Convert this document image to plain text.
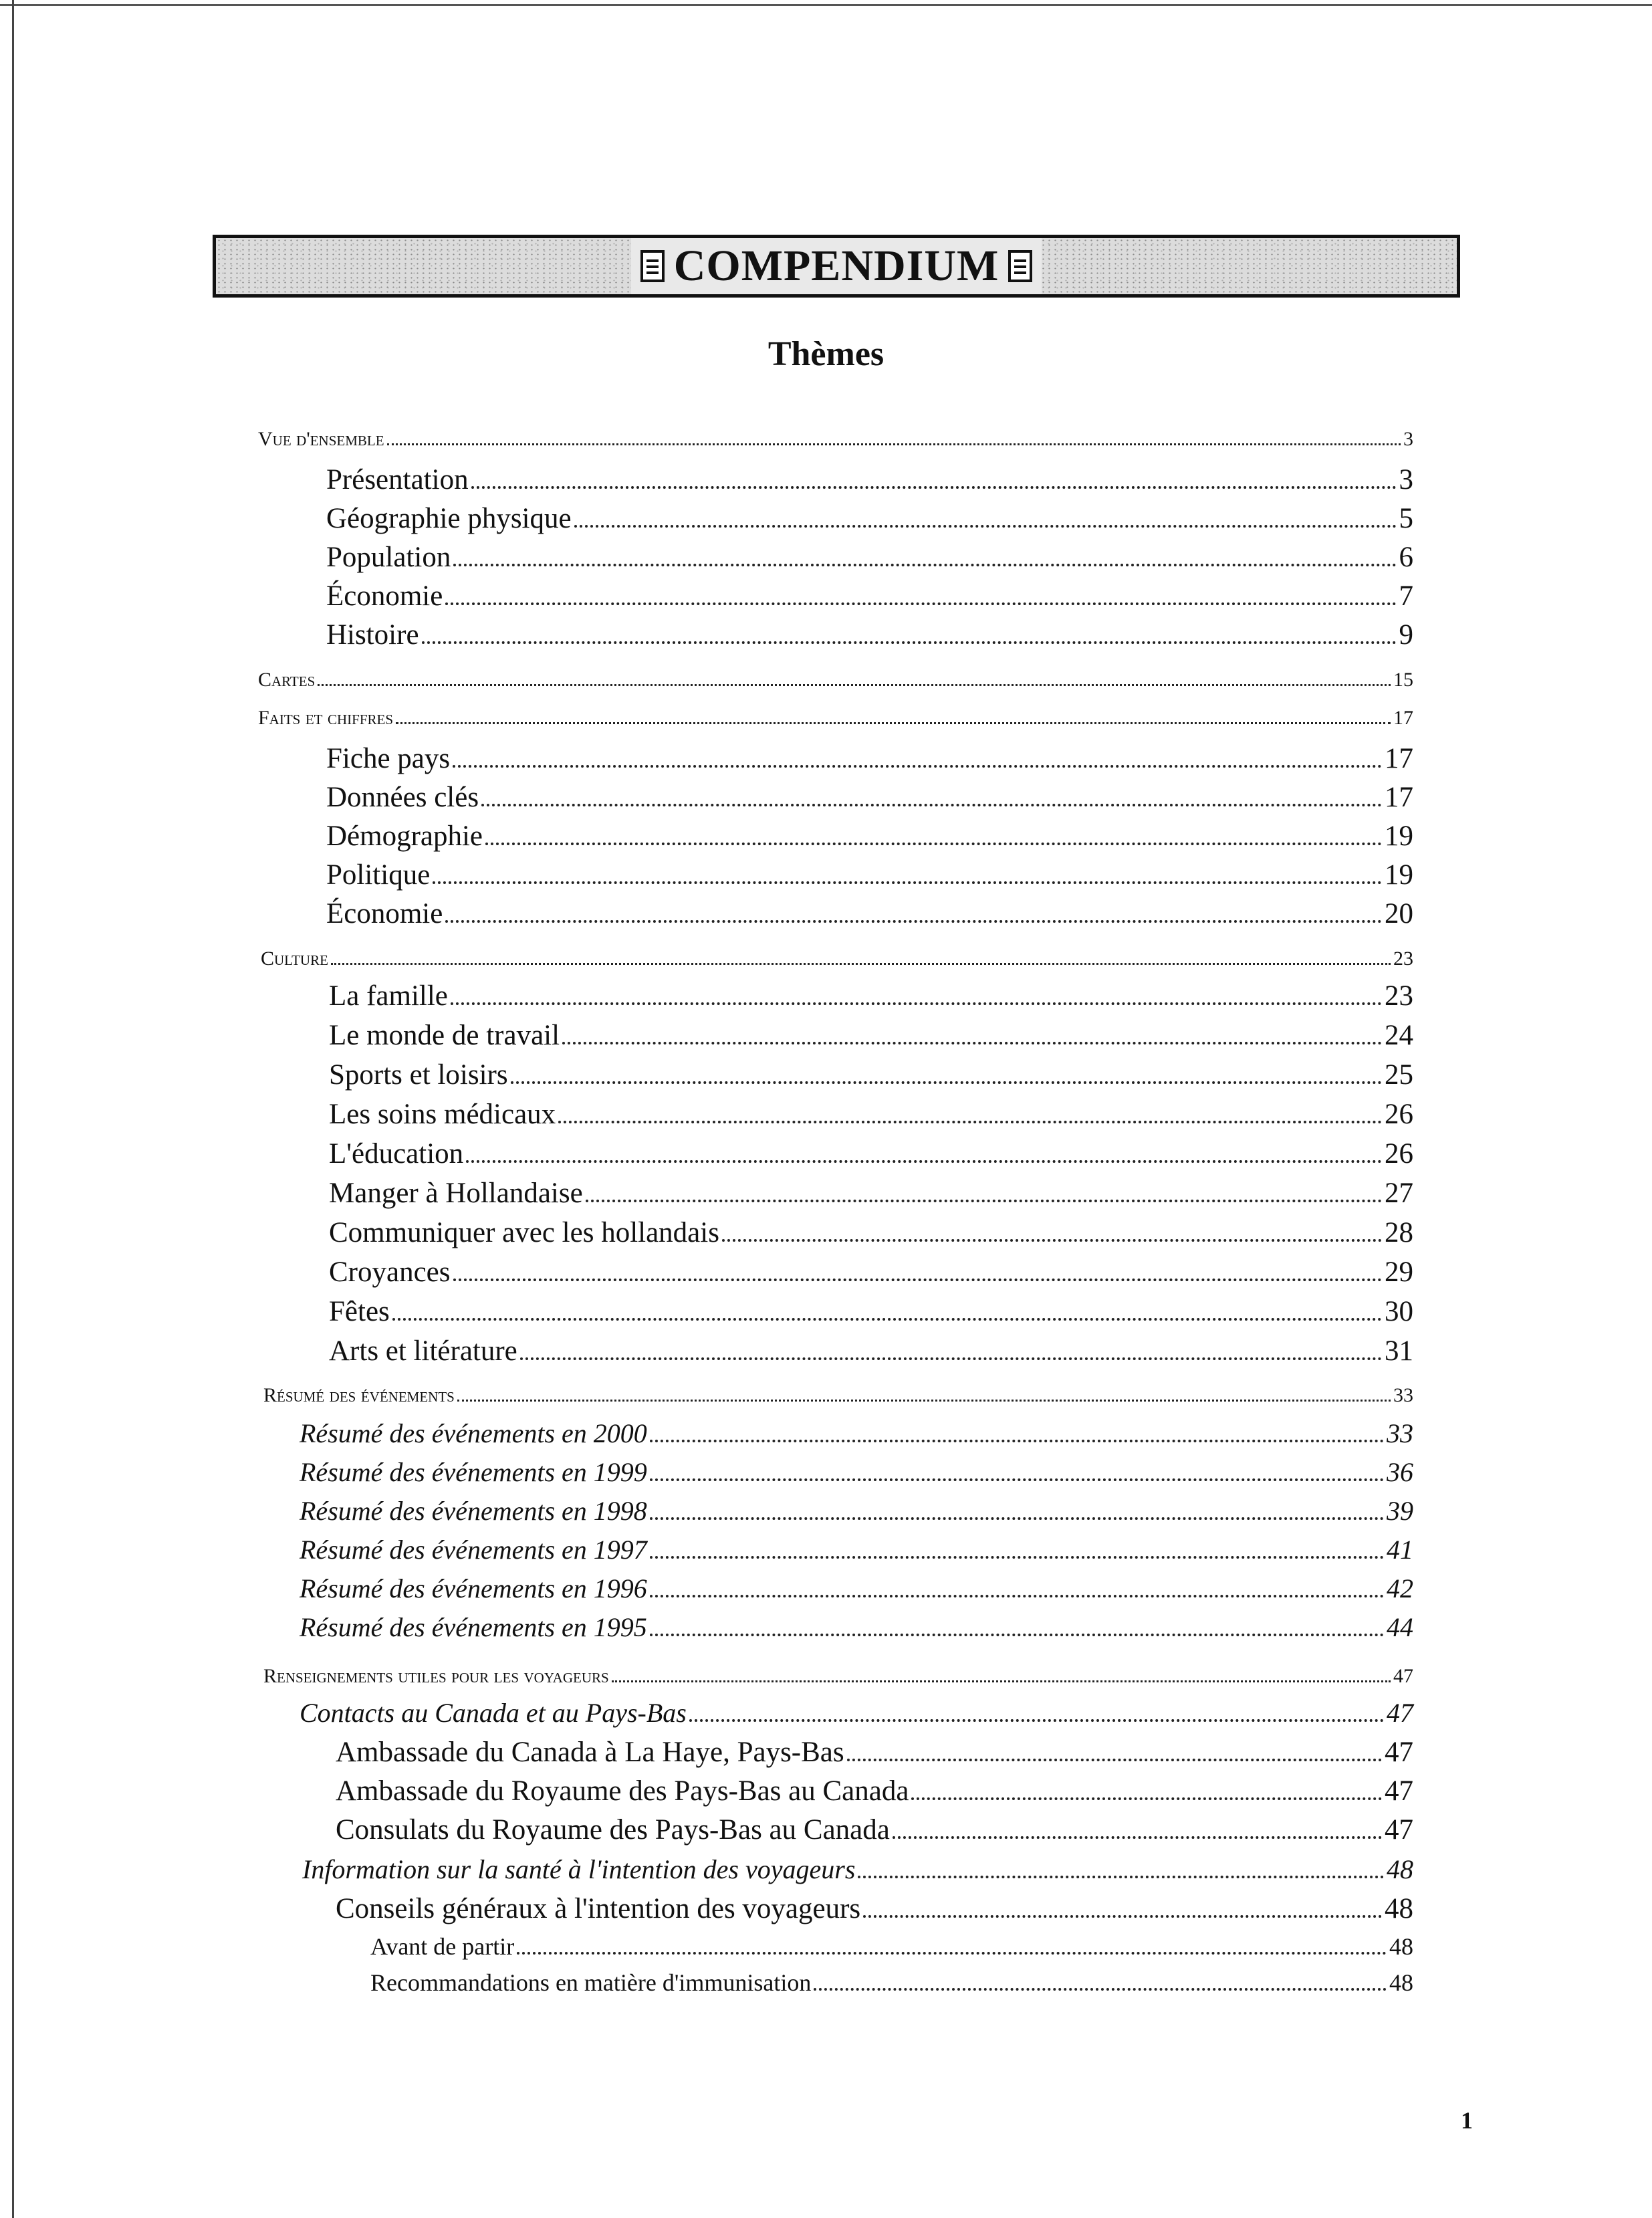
COMPENDIUM
Thèmes
Vue d'ensemble	3
Présentation	3
Géographie physique	5
Population	6
Économie	7
Histoire	9
Cartes	15
Faits et chiffres	17
Fiche pays	17
Données clés	17
Démographie	19
Politique	19
Économie	20
Culture	23
La famille	23
Le monde de travail	24
Sports et loisirs	25
Les soins médicaux	26
L'éducation	26
Manger à Hollandaise	27
Communiquer avec les hollandais	28
Croyances	29
Fêtes	30
Arts et litérature	31
Résumé des événements	33
Résumé des événements en 2000	33
Résumé des événements en 1999	36
Résumé des événements en 1998	39
Résumé des événements en 1997	41
Résumé des événements en 1996	42
Résumé des événements en 1995	44
Renseignements utiles pour les voyageurs	47
Contacts au Canada et au Pays-Bas	47
Ambassade du Canada à La Haye, Pays-Bas	47
Ambassade du Royaume des Pays-Bas au Canada	47
Consulats du Royaume des Pays-Bas au Canada	47
Information sur la santé à l'intention des voyageurs	48
Conseils généraux à l'intention des voyageurs	48
Avant de partir	48
Recommandations en matière d'immunisation	48
1
